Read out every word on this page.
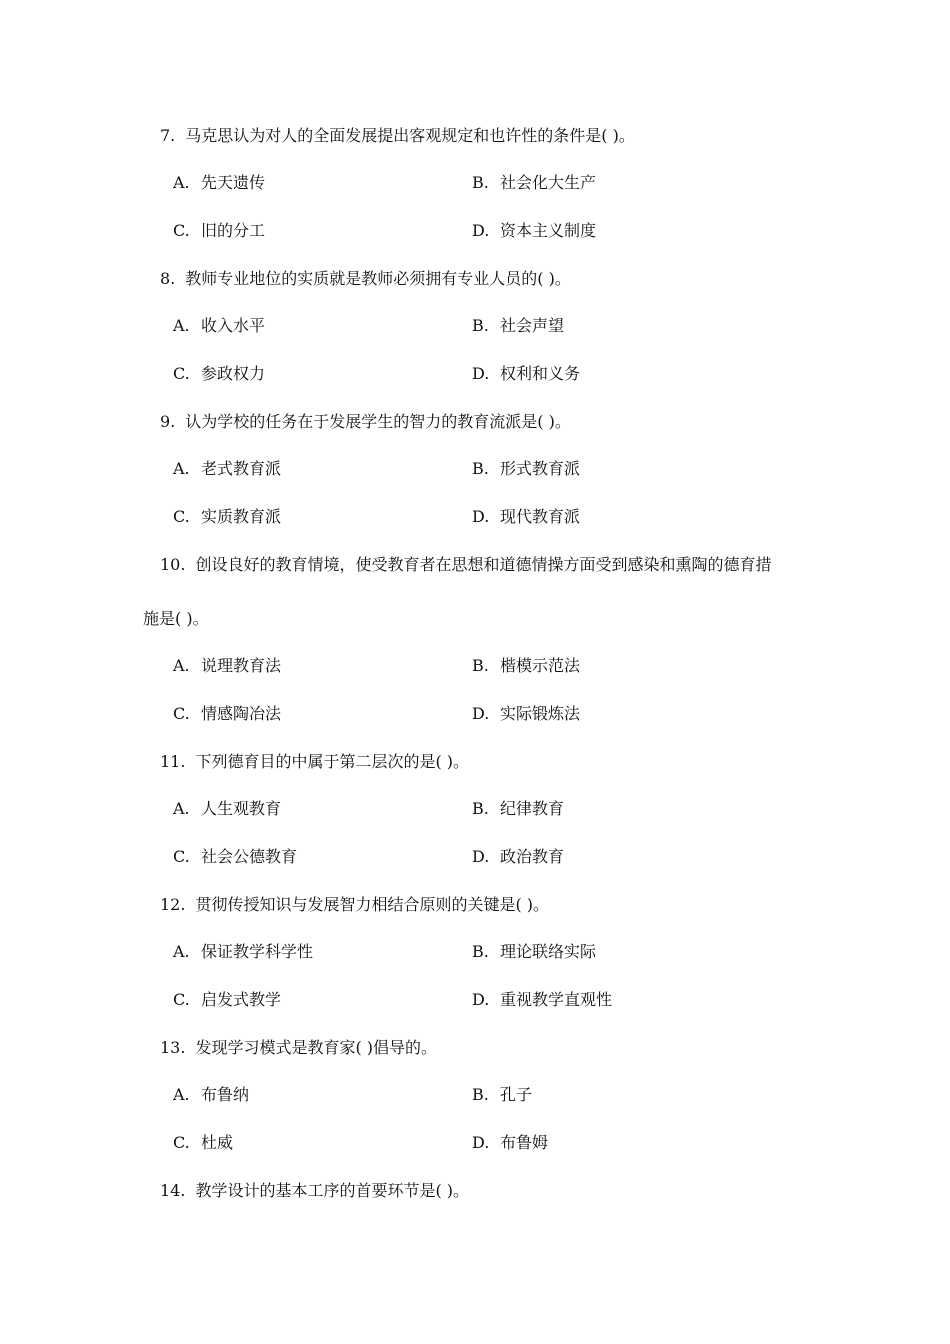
7. 马克思认为对人的全面发展提出客观规定和也许性的条件是( )。
A. 先天遗传	B. 社会化大生产
C. 旧的分工	D. 资本主义制度
8. 教师专业地位的实质就是教师必须拥有专业人员的( )。
A. 收入水平	B. 社会声望
C. 参政权力	D. 权利和义务
9. 认为学校的任务在于发展学生的智力的教育流派是( )。
A. 老式教育派	B. 形式教育派
C. 实质教育派	D. 现代教育派
10. 创设良好的教育情境，使受教育者在思想和道德情操方面受到感染和熏陶的德育措
施是( )。
A. 说理教育法	B. 楷模示范法
C. 情感陶冶法	D. 实际锻炼法
11. 下列德育目的中属于第二层次的是( )。
A. 人生观教育	B. 纪律教育
C. 社会公德教育	D. 政治教育
12. 贯彻传授知识与发展智力相结合原则的关键是( )。
A. 保证教学科学性	B. 理论联络实际
C. 启发式教学	D. 重视教学直观性
13. 发现学习模式是教育家( )倡导的。
A. 布鲁纳	B. 孔子
C. 杜威	D. 布鲁姆
14. 教学设计的基本工序的首要环节是( )。
